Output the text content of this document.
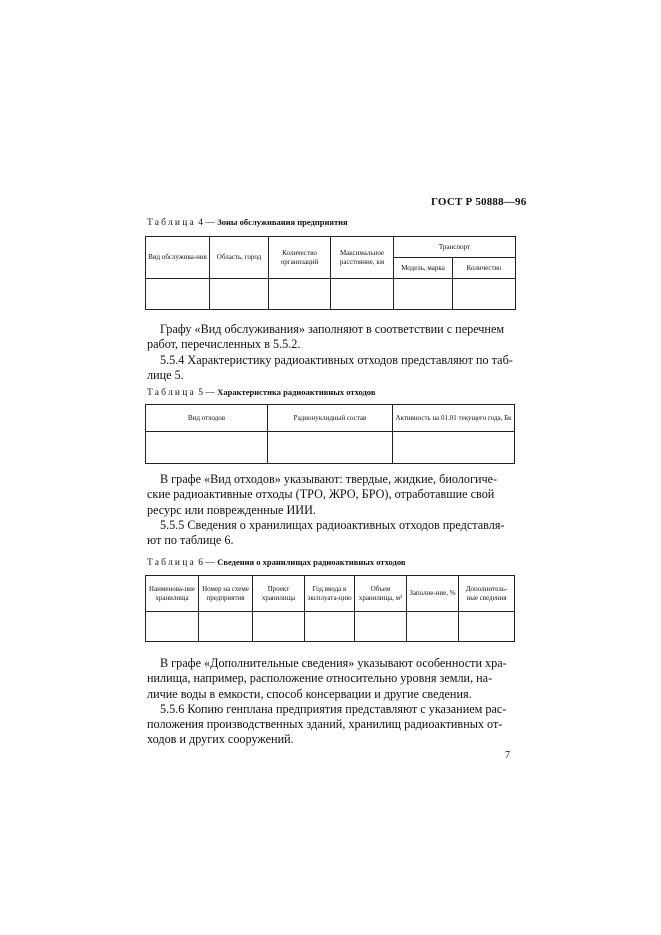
ГОСТ Р 50888—96
Таблица 4 — Зоны обслуживания предприятия
Вид обслужива-ния	Область, город	Количество организаций	Максимальное расстояние, км	Транспорт	
				Модель, марка	Количество

Графу «Вид обслуживания» заполняют в соответствии с перечнем
работ, перечисленных в 5.5.2.
5.5.4 Характеристику радиоактивных отходов представляют по таб-
лице 5.
Таблица 5 — Характеристика радиоактивных отходов
Вид отходов	Радионуклидный состав	Активность на 01.01 текущего года, Бк

В графе «Вид отходов» указывают: твердые, жидкие, биологиче-
ские радиоактивные отходы (ТРО, ЖРО, БРО), отработавшие свой
ресурс или поврежденные ИИИ.
5.5.5 Сведения о хранилищах радиоактивных отходов представля-
ют по таблице 6.
Таблица 6 — Сведения о хранилищах радиоактивных отходов
Наименова-ние хранилища	Номер на схеме предприятия	Проект хранилища	Год ввода в эксплуата-цию	Объем хранилища, м³	Заполне-ние, %	Дополнитель-ные сведения

В графе «Дополнительные сведения» указывают особенности хра-
нилища, например, расположение относительно уровня земли, на-
личие воды в емкости, способ консервации и другие сведения.
5.5.6 Копию генплана предприятия представляют с указанием рас-
положения производственных зданий, хранилищ радиоактивных от-
ходов и других сооружений.
7
